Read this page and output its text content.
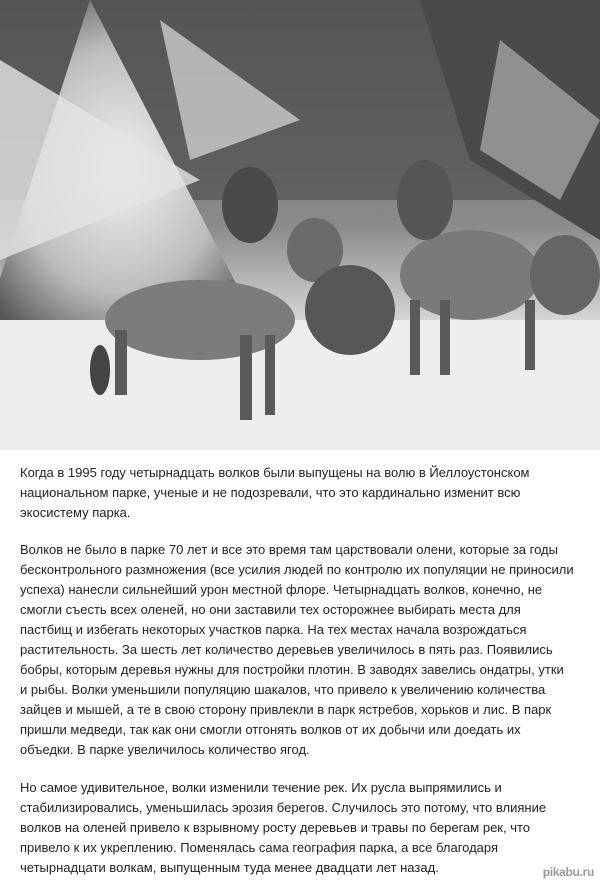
Когда в 1995 году четырнадцать волков были выпущены на волю в Йеллоустонском
национальном парке, ученые и не подозревали, что это кардинально изменит всю
экосистему парка.

Волков не было в парке 70 лет и все это время там царствовали олени, которые за годы
бесконтрольного размножения (все усилия людей по контролю их популяции не приносили
успеха) нанесли сильнейший урон местной флоре. Четырнадцать волков, конечно, не
смогли съесть всех оленей, но они заставили тех осторожнее выбирать места для
пастбищ и избегать некоторых участков парка. На тех местах начала возрождаться
растительность. За шесть лет количество деревьев увеличилось в пять раз. Появились
бобры, которым деревья нужны для постройки плотин. В заводях завелись ондатры, утки
и рыбы. Волки уменьшили популяцию шакалов, что привело к увеличению количества
зайцев и мышей, а те в свою сторону привлекли в парк ястребов, хорьков и лис. В парк
пришли медведи, так как они смогли отгонять волков от их добычи или доедать их
объедки. В парке увеличилось количество ягод.

Но самое удивительное, волки изменили течение рек. Их русла выпрямились и
стабилизировались, уменьшилась эрозия берегов. Случилось это потому, что влияние
волков на оленей привело к взрывному росту деревьев и травы по берегам рек, что
привело к их укреплению. Поменялась сама география парка, а все благодаря
четырнадцати волкам, выпущенным туда менее двадцати лет назад.	pikabu.ru
